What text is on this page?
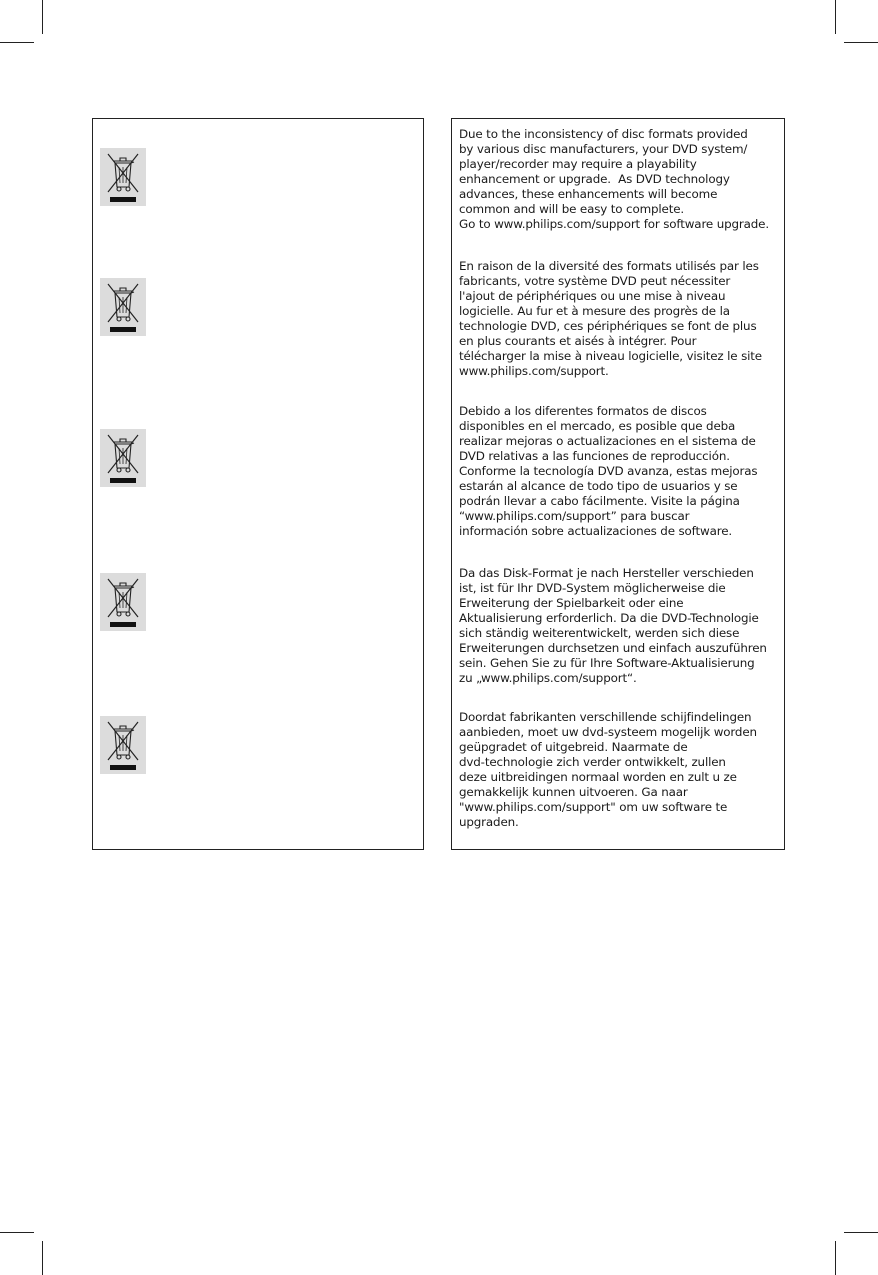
Due to the inconsistency of disc formats provided
by various disc manufacturers, your DVD system/
player/recorder may require a playability
enhancement or upgrade.  As DVD technology
advances, these enhancements will become
common and will be easy to complete.
Go to www.philips.com/support for software upgrade.
En raison de la diversité des formats utilisés par les
fabricants, votre système DVD peut nécessiter
l'ajout de périphériques ou une mise à niveau
logicielle. Au fur et à mesure des progrès de la
technologie DVD, ces périphériques se font de plus
en plus courants et aisés à intégrer. Pour
télécharger la mise à niveau logicielle, visitez le site
www.philips.com/support.
Debido a los diferentes formatos de discos
disponibles en el mercado, es posible que deba
realizar mejoras o actualizaciones en el sistema de
DVD relativas a las funciones de reproducción.
Conforme la tecnología DVD avanza, estas mejoras
estarán al alcance de todo tipo de usuarios y se
podrán llevar a cabo fácilmente. Visite la página
“www.philips.com/support” para buscar
información sobre actualizaciones de software.
Da das Disk-Format je nach Hersteller verschieden
ist, ist für Ihr DVD-System möglicherweise die
Erweiterung der Spielbarkeit oder eine
Aktualisierung erforderlich. Da die DVD-Technologie
sich ständig weiterentwickelt, werden sich diese
Erweiterungen durchsetzen und einfach auszuführen
sein. Gehen Sie zu für Ihre Software-Aktualisierung
zu „www.philips.com/support“.
Doordat fabrikanten verschillende schijfindelingen
aanbieden, moet uw dvd-systeem mogelijk worden
geüpgradet of uitgebreid. Naarmate de
dvd-technologie zich verder ontwikkelt, zullen
deze uitbreidingen normaal worden en zult u ze
gemakkelijk kunnen uitvoeren. Ga naar
"www.philips.com/support" om uw software te
upgraden.
